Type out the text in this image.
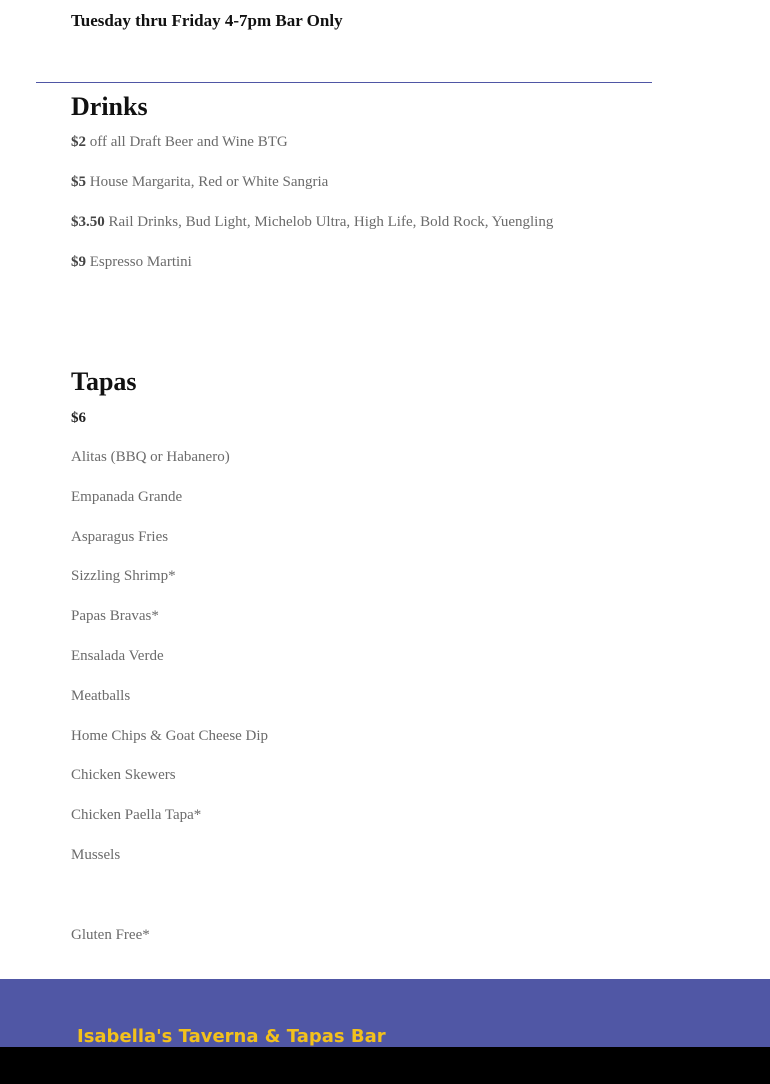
Tuesday thru Friday 4-7pm Bar Only
Drinks
$2 off all Draft Beer and Wine BTG
$5 House Margarita, Red or White Sangria
$3.50 Rail Drinks, Bud Light, Michelob Ultra, High Life, Bold Rock, Yuengling
$9 Espresso Martini
Tapas
$6
Alitas (BBQ or Habanero)
Empanada Grande
Asparagus Fries
Sizzling Shrimp*
Papas Bravas*
Ensalada Verde
Meatballs
Home Chips & Goat Cheese Dip
Chicken Skewers
Chicken Paella Tapa*
Mussels
Gluten Free*
Isabella's Taverna & Tapas Bar
